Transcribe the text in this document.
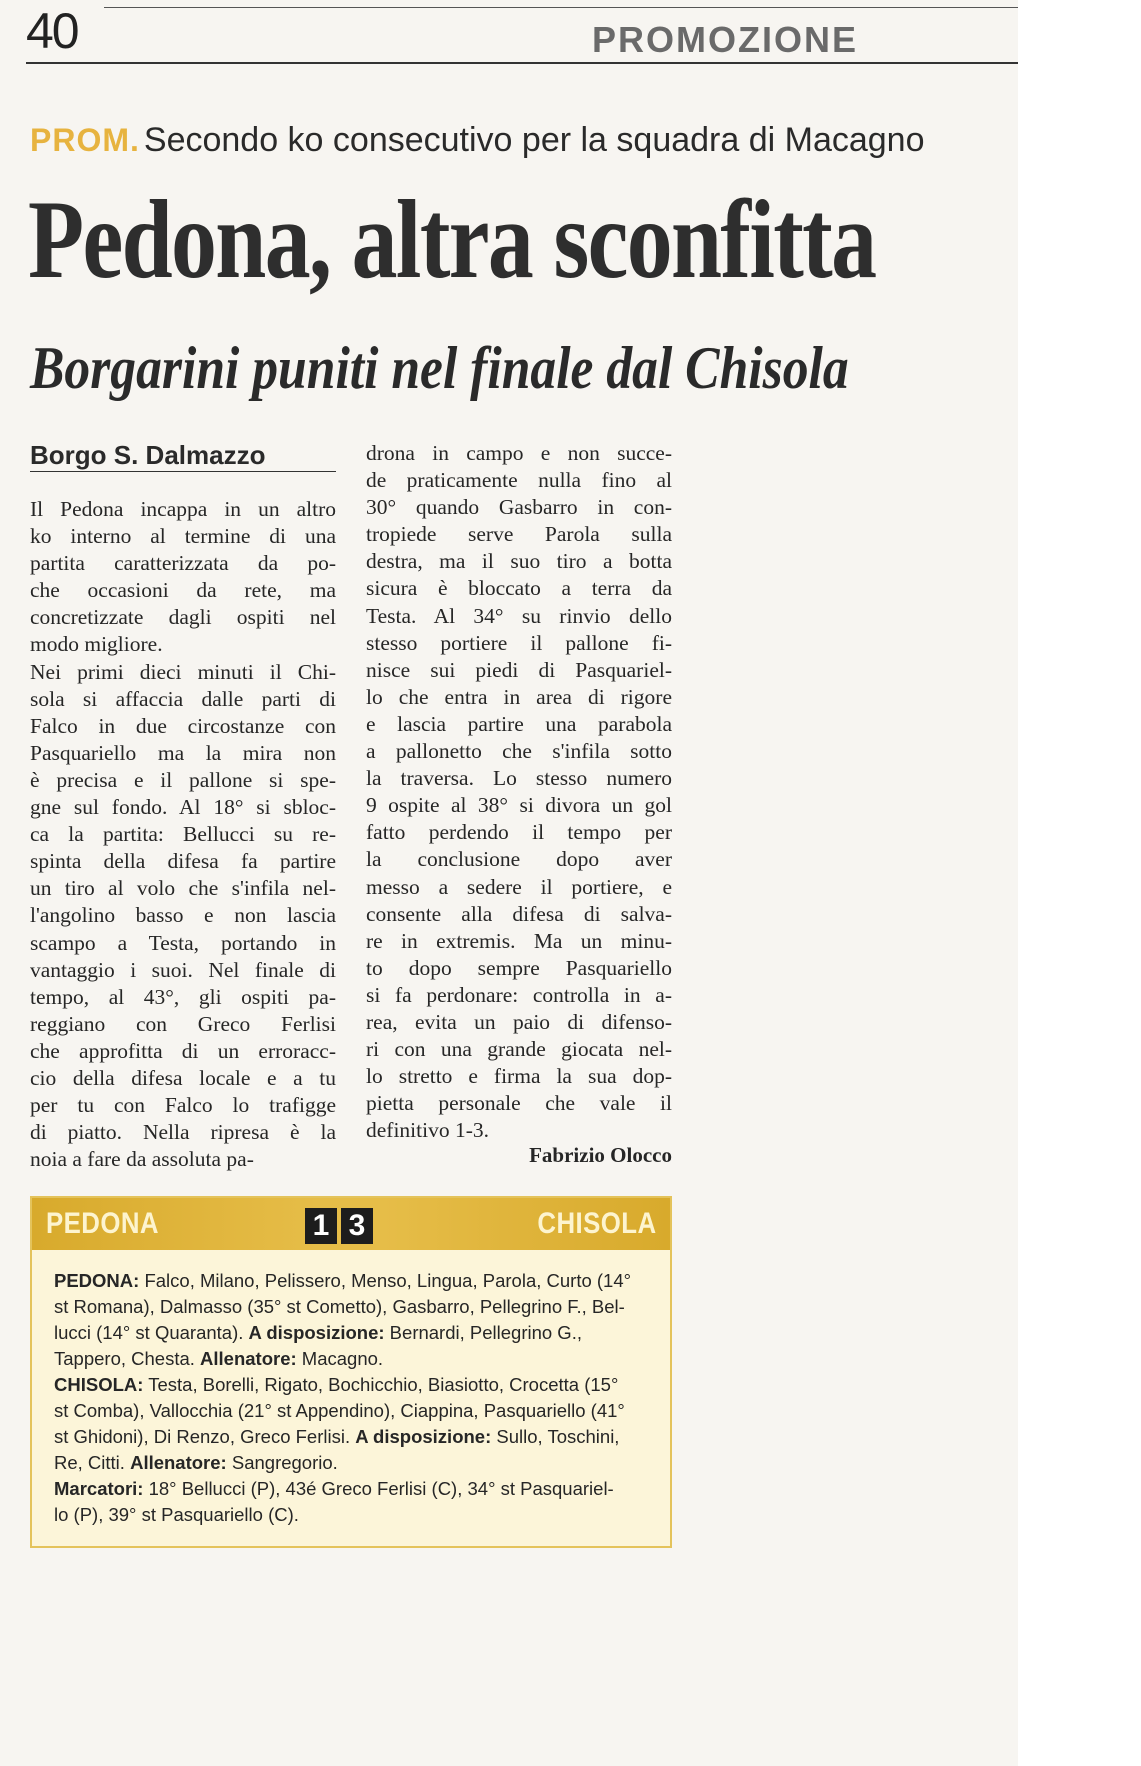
40	PROMOZIONE
PROM. Secondo ko consecutivo per la squadra di Macagno
Pedona, altra sconfitta
Borgarini puniti nel finale dal Chisola
Borgo S. Dalmazzo
Il Pedona incappa in un altro
ko interno al termine di una
partita caratterizzata da po-
che occasioni da rete, ma
concretizzate dagli ospiti nel
modo migliore.
Nei primi dieci minuti il Chi-
sola si affaccia dalle parti di
Falco in due circostanze con
Pasquariello ma la mira non
è precisa e il pallone si spe-
gne sul fondo. Al 18° si sbloc-
ca la partita: Bellucci su re-
spinta della difesa fa partire
un tiro al volo che s'infila nel-
l'angolino basso e non lascia
scampo a Testa, portando in
vantaggio i suoi. Nel finale di
tempo, al 43°, gli ospiti pa-
reggiano con Greco Ferlisi
che approfitta di un erroracc-
cio della difesa locale e a tu
per tu con Falco lo trafigge
di piatto. Nella ripresa è la
noia a fare da assoluta pa-
drona in campo e non succe-
de praticamente nulla fino al
30° quando Gasbarro in con-
tropiede serve Parola sulla
destra, ma il suo tiro a botta
sicura è bloccato a terra da
Testa. Al 34° su rinvio dello
stesso portiere il pallone fi-
nisce sui piedi di Pasquariel-
lo che entra in area di rigore
e lascia partire una parabola
a pallonetto che s'infila sotto
la traversa. Lo stesso numero
9 ospite al 38° si divora un gol
fatto perdendo il tempo per
la conclusione dopo aver
messo a sedere il portiere, e
consente alla difesa di salva-
re in extremis. Ma un minu-
to dopo sempre Pasquariello
si fa perdonare: controlla in a-
rea, evita un paio di difenso-
ri con una grande giocata nel-
lo stretto e firma la sua dop-
pietta personale che vale il
definitivo 1-3.
Fabrizio Olocco
PEDONA	1 3	CHISOLA
PEDONA: Falco, Milano, Pelissero, Menso, Lingua, Parola, Curto (14°
st Romana), Dalmasso (35° st Cometto), Gasbarro, Pellegrino F., Bel-
lucci (14° st Quaranta). A disposizione: Bernardi, Pellegrino G.,
Tappero, Chesta. Allenatore: Macagno.
CHISOLA: Testa, Borelli, Rigato, Bochicchio, Biasiotto, Crocetta (15°
st Comba), Vallocchia (21° st Appendino), Ciappina, Pasquariello (41°
st Ghidoni), Di Renzo, Greco Ferlisi. A disposizione: Sullo, Toschini,
Re, Citti. Allenatore: Sangregorio.
Marcatori: 18° Bellucci (P), 43é Greco Ferlisi (C), 34° st Pasquariel-
lo (P), 39° st Pasquariello (C).
